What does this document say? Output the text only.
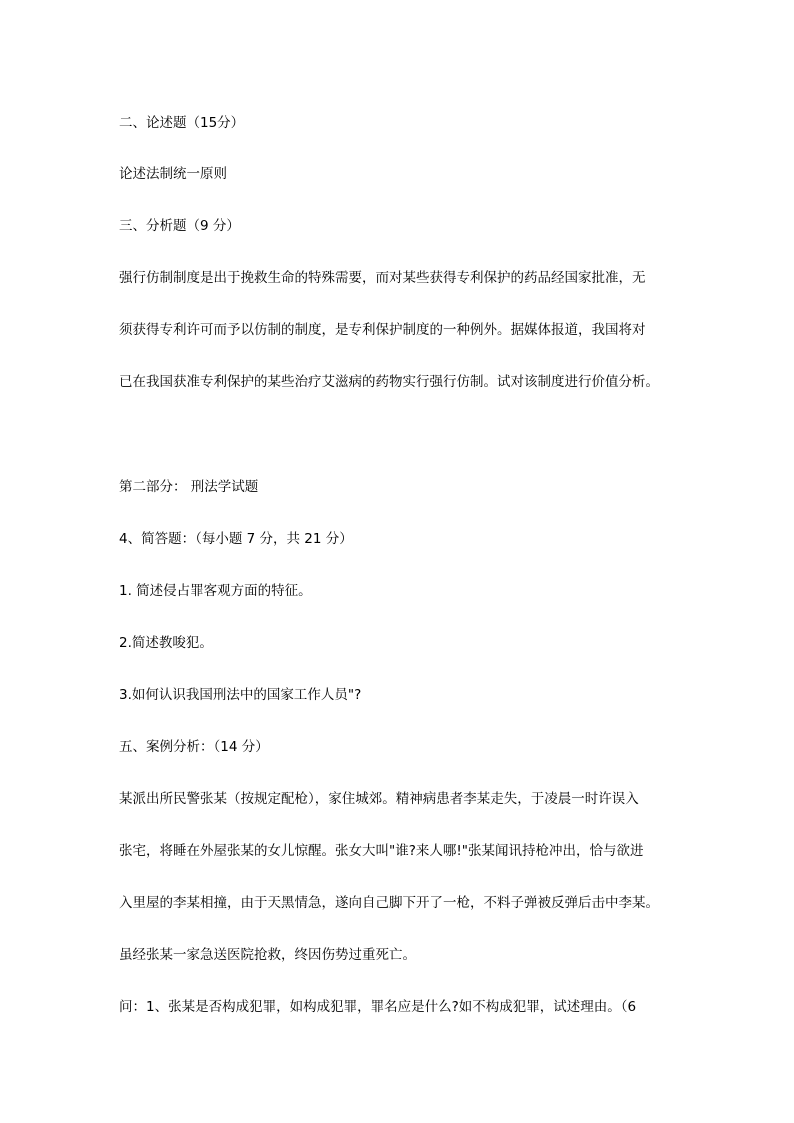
二、论述题（15分）
论述法制统一原则
三、分析题（9 分）
强行仿制制度是出于挽救生命的特殊需要，而对某些获得专利保护的药品经国家批准，无
须获得专利许可而予以仿制的制度，是专利保护制度的一种例外。据媒体报道，我国将对
已在我国获准专利保护的某些治疗艾滋病的药物实行强行仿制。试对该制度进行价值分析。
第二部分： 刑法学试题
4、简答题：（每小题 7 分，共 21 分）
1. 简述侵占罪客观方面的特征。
2.简述教唆犯。
3.如何认识我国刑法中的国家工作人员"?
五、案例分析：（14 分）
某派出所民警张某（按规定配枪），家住城郊。精神病患者李某走失，于凌晨一时许误入
张宅，将睡在外屋张某的女儿惊醒。张女大叫"谁?来人哪!"张某闻讯持枪冲出，恰与欲进
入里屋的李某相撞，由于天黑情急，遂向自己脚下开了一枪，不料子弹被反弹后击中李某。
虽经张某一家急送医院抢救，终因伤势过重死亡。
问：1、张某是否构成犯罪，如构成犯罪，罪名应是什么?如不构成犯罪，试述理由。（6
